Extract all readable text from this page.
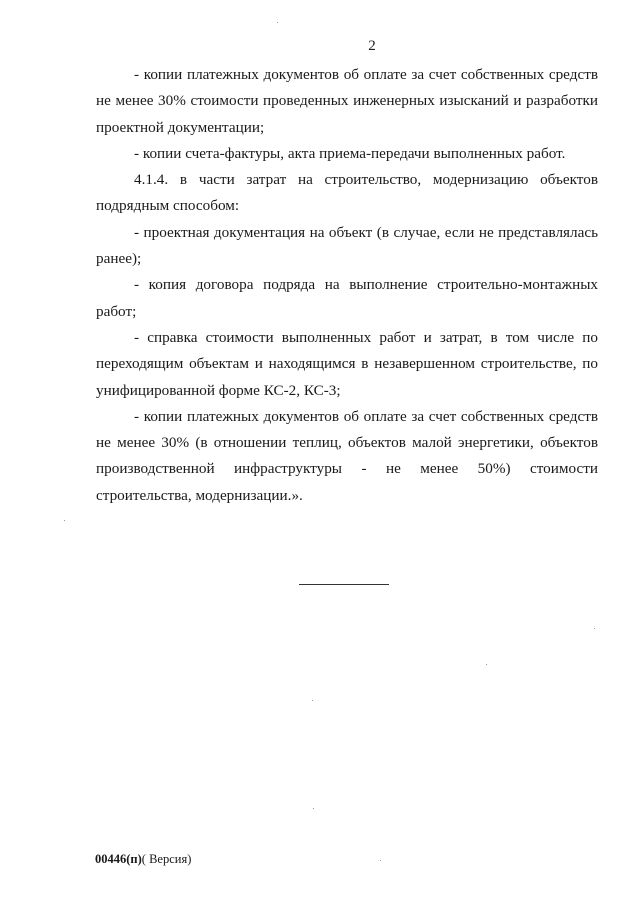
2

- копии платежных документов об оплате за счет собственных средств не менее 30% стоимости проведенных инженерных изысканий и разработки проектной документации;

- копии счета-фактуры, акта приема-передачи выполненных работ.

4.1.4. в части затрат на строительство, модернизацию объектов подрядным способом:

- проектная документация на объект (в случае, если не представлялась ранее);

- копия договора подряда на выполнение строительно-монтажных работ;

- справка стоимости выполненных работ и затрат, в том числе по переходящим объектам и находящимся в незавершенном строительстве, по унифицированной форме КС-2, КС-3;

- копии платежных документов об оплате за счет собственных средств не менее 30% (в отношении теплиц, объектов малой энергетики, объектов производственной инфраструктуры - не менее 50%) стоимости строительства, модернизации.».

00446(п)( Версия)
